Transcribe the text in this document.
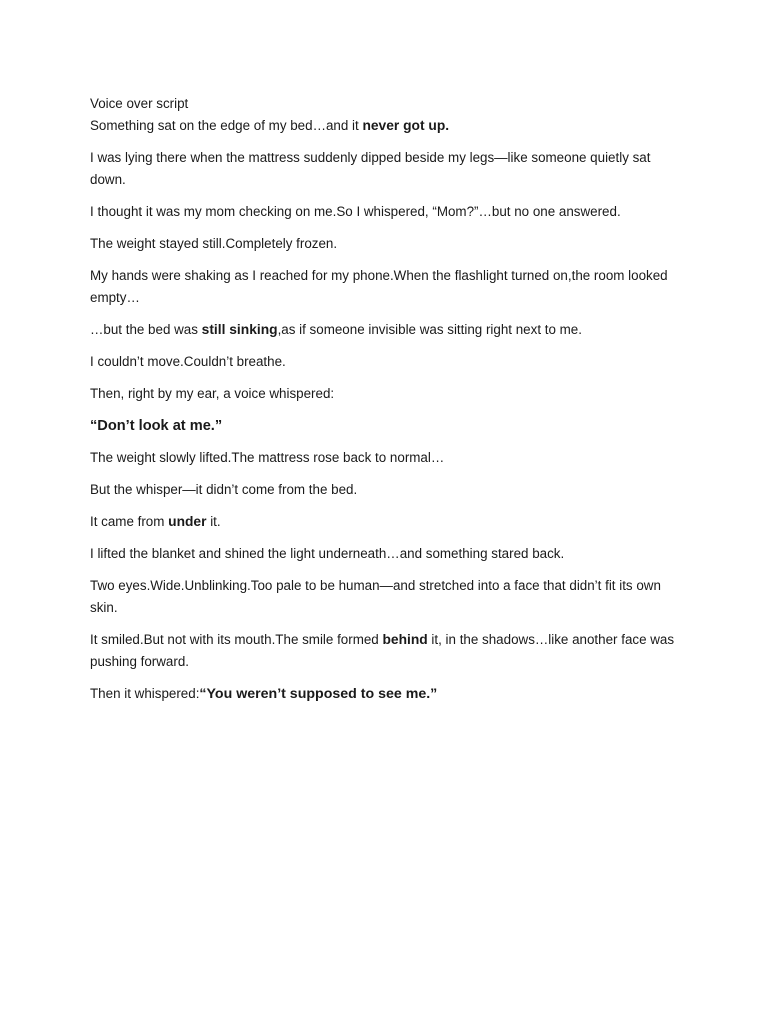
Voice over script

Something sat on the edge of my bed…and it never got up.

I was lying there when the mattress suddenly dipped beside my legs—like someone quietly sat down.

I thought it was my mom checking on me.So I whispered, “Mom?”…but no one answered.

The weight stayed still.Completely frozen.

My hands were shaking as I reached for my phone.When the flashlight turned on,the room looked empty…

…but the bed was still sinking,as if someone invisible was sitting right next to me.

I couldn’t move.Couldn’t breathe.

Then, right by my ear, a voice whispered:

“Don’t look at me.”

The weight slowly lifted.The mattress rose back to normal…

But the whisper—it didn’t come from the bed.

It came from under it.

I lifted the blanket and shined the light underneath…and something stared back.

Two eyes.Wide.Unblinking.Too pale to be human—and stretched into a face that didn’t fit its own skin.

It smiled.But not with its mouth.The smile formed behind it, in the shadows…like another face was pushing forward.

Then it whispered:“You weren’t supposed to see me.”
